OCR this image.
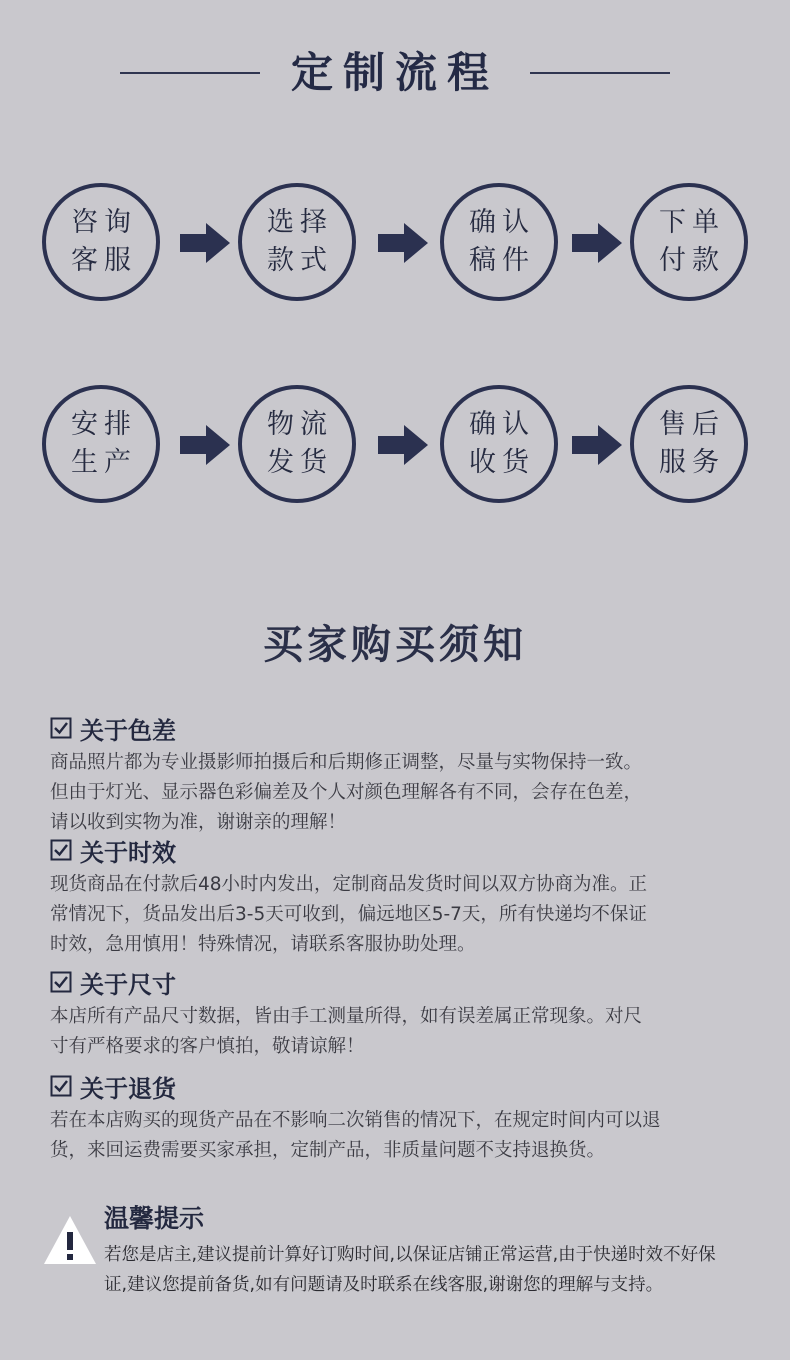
定制流程
咨询
客服
选择
款式
确认
稿件
下单
付款
安排
生产
物流
发货
确认
收货
售后
服务
买家购买须知
关于色差
商品照片都为专业摄影师拍摄后和后期修正调整，尽量与实物保持一致。
但由于灯光、显示器色彩偏差及个人对颜色理解各有不同，会存在色差，
请以收到实物为准，谢谢亲的理解！
关于时效
现货商品在付款后48小时内发出，定制商品发货时间以双方协商为准。正
常情况下，货品发出后3-5天可收到，偏远地区5-7天，所有快递均不保证
时效，急用慎用！特殊情况，请联系客服协助处理。
关于尺寸
本店所有产品尺寸数据，皆由手工测量所得，如有误差属正常现象。对尺
寸有严格要求的客户慎拍，敬请谅解！
关于退货
若在本店购买的现货产品在不影响二次销售的情况下，在规定时间内可以退
货，来回运费需要买家承担，定制产品，非质量问题不支持退换货。
温馨提示
若您是店主,建议提前计算好订购时间,以保证店铺正常运营,由于快递时效不好保
证,建议您提前备货,如有问题请及时联系在线客服,谢谢您的理解与支持。
